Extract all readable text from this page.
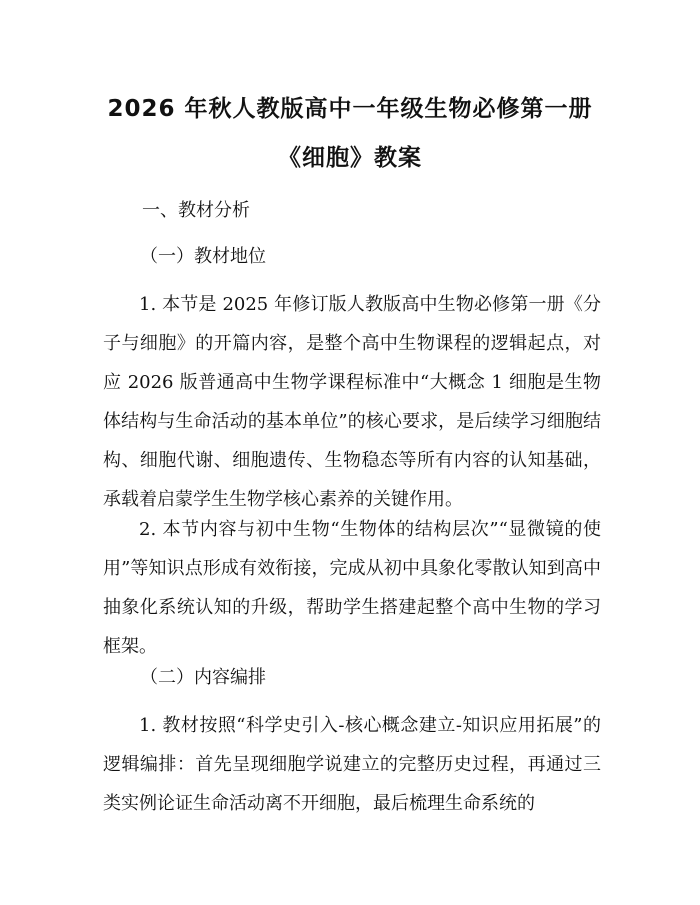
2026 年秋人教版高中一年级生物必修第一册
《细胞》教案

一、教材分析

（一）教材地位

1. 本节是 2025 年修订版人教版高中生物必修第一册《分子与细胞》的开篇内容，是整个高中生物课程的逻辑起点，对应 2026 版普通高中生物学课程标准中“大概念 1 细胞是生物体结构与生命活动的基本单位”的核心要求，是后续学习细胞结构、细胞代谢、细胞遗传、生物稳态等所有内容的认知基础，承载着启蒙学生生物学核心素养的关键作用。

2. 本节内容与初中生物“生物体的结构层次”“显微镜的使用”等知识点形成有效衔接，完成从初中具象化零散认知到高中抽象化系统认知的升级，帮助学生搭建起整个高中生物的学习框架。

（二）内容编排

1. 教材按照“科学史引入-核心概念建立-知识应用拓展”的逻辑编排：首先呈现细胞学说建立的完整历史过程，再通过三类实例论证生命活动离不开细胞，最后梳理生命系统的
